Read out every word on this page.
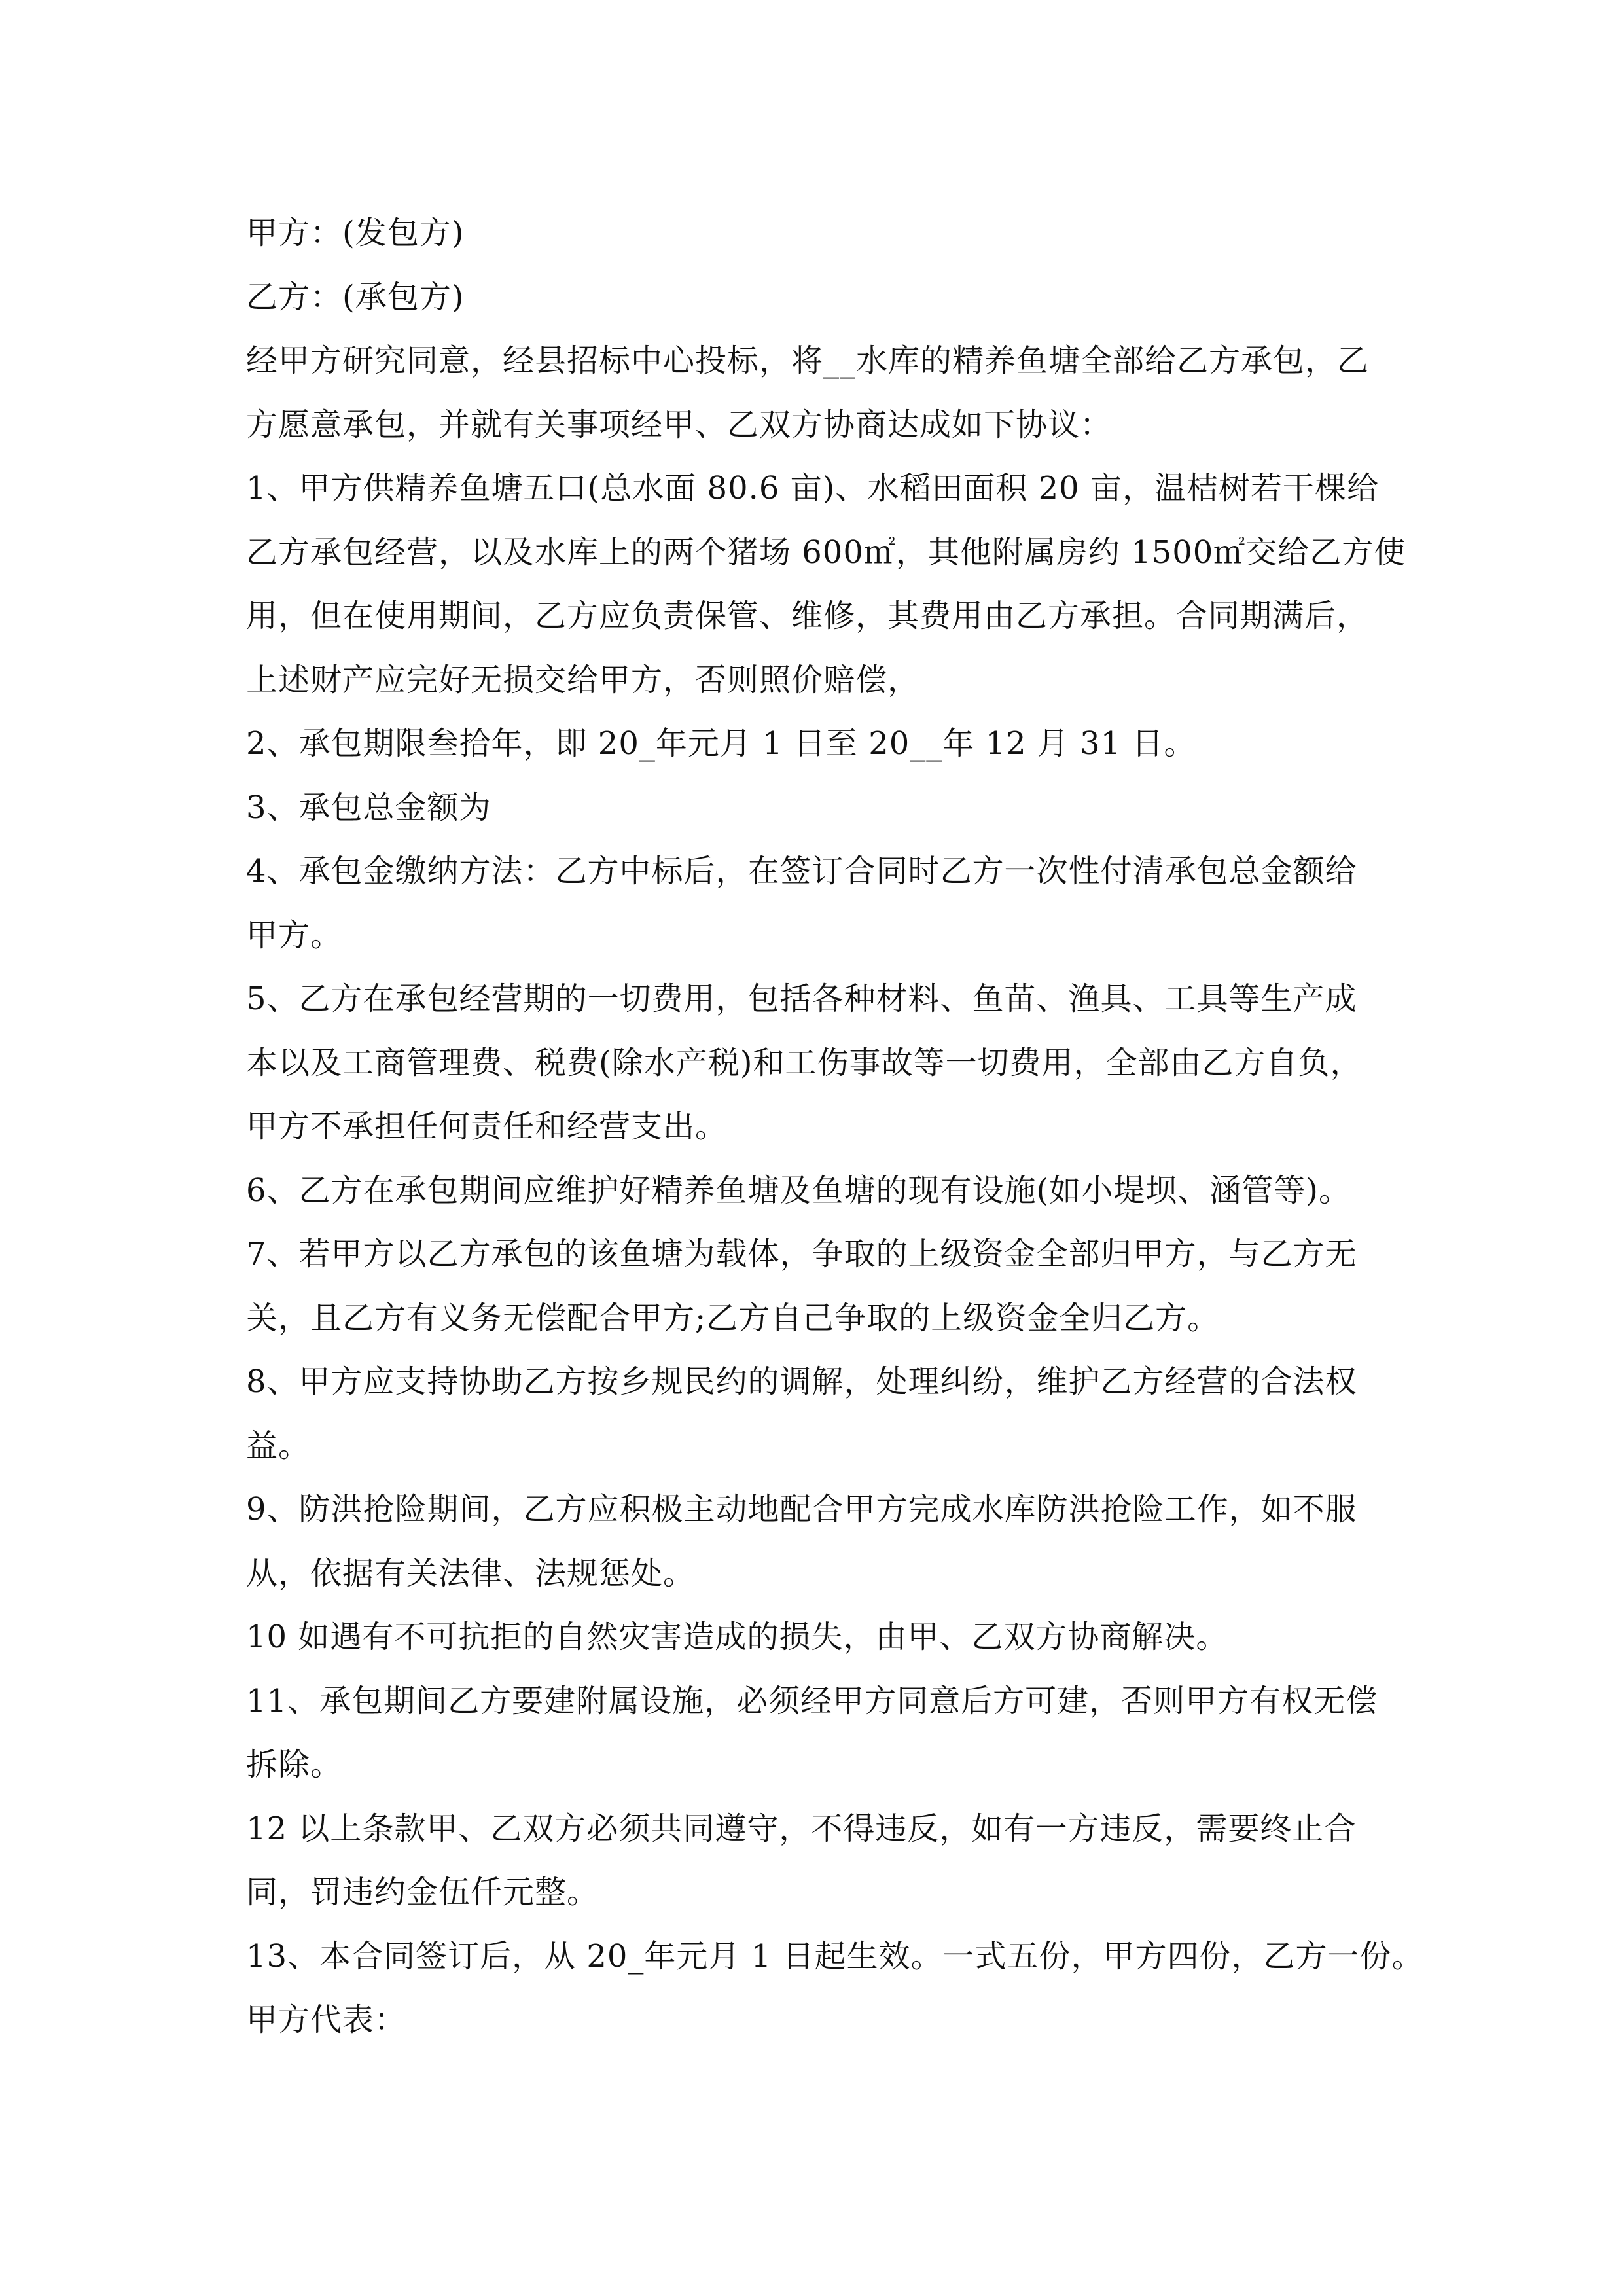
甲方：(发包方)

乙方：(承包方)

经甲方研究同意，经县招标中心投标，将__水库的精养鱼塘全部给乙方承包，乙

方愿意承包，并就有关事项经甲、乙双方协商达成如下协议：

1、甲方供精养鱼塘五口(总水面 80.6 亩)、水稻田面积 20 亩，温桔树若干棵给

乙方承包经营，以及水库上的两个猪场 600㎡，其他附属房约 1500㎡交给乙方使

用，但在使用期间，乙方应负责保管、维修，其费用由乙方承担。合同期满后，

上述财产应完好无损交给甲方，否则照价赔偿，

2、承包期限叁拾年，即 20_年元月 1 日至 20__年 12 月 31 日。

3、承包总金额为

4、承包金缴纳方法：乙方中标后，在签订合同时乙方一次性付清承包总金额给

甲方。

5、乙方在承包经营期的一切费用，包括各种材料、鱼苗、渔具、工具等生产成

本以及工商管理费、税费(除水产税)和工伤事故等一切费用，全部由乙方自负，

甲方不承担任何责任和经营支出。

6、乙方在承包期间应维护好精养鱼塘及鱼塘的现有设施(如小堤坝、涵管等)。

7、若甲方以乙方承包的该鱼塘为载体，争取的上级资金全部归甲方，与乙方无

关，且乙方有义务无偿配合甲方;乙方自己争取的上级资金全归乙方。

8、甲方应支持协助乙方按乡规民约的调解，处理纠纷，维护乙方经营的合法权

益。

9、防洪抢险期间，乙方应积极主动地配合甲方完成水库防洪抢险工作，如不服

从，依据有关法律、法规惩处。

10 如遇有不可抗拒的自然灾害造成的损失，由甲、乙双方协商解决。

11、承包期间乙方要建附属设施，必须经甲方同意后方可建，否则甲方有权无偿

拆除。

12 以上条款甲、乙双方必须共同遵守，不得违反，如有一方违反，需要终止合

同，罚违约金伍仟元整。

13、本合同签订后，从 20_年元月 1 日起生效。一式五份，甲方四份，乙方一份。

甲方代表：
